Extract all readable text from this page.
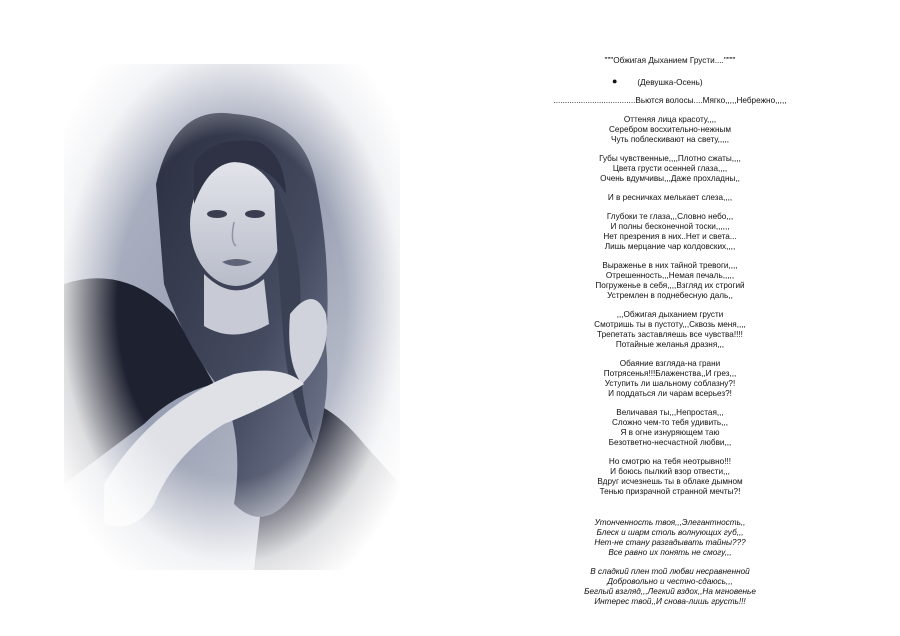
"""Обжигая Дыханием Грусти....""""
● (Девушка-Осень)
....................................Вьются волосы....Мягко,,,,,Небрежно,,,,,
Оттеняя лица красоту,,,,
Серебром восхительно-нежным
Чуть поблескивают на свету,,,,,
Губы чувственные,,,,Плотно сжаты,,,,
Цвета грусти осенней глаза,,,,
Очень вдумчивы,,,Даже прохладны,,
И в ресничках мелькает слеза,,,,
Глубоки те глаза,,,Словно небо,,,
И полны бесконечной тоски,,,,,,
Нет презрения в них..Нет и света...
Лишь мерцание чар колдовских,,,,
Выраженье в них тайной тревоги,,,,
Отрешенность,,,Немая печаль,,,,,
Погруженье в себя,,,,Взгляд их строгий
Устремлен в поднебесную даль,,
,,,Обжигая дыханием грусти
Смотришь ты в пустоту,,,Сквозь меня,,,,
Трепетать заставляешь все чувства!!!!
Потайные желанья дразня,,,
Обаяние взгляда-на грани
Потрясенья!!!Блаженства,,И грез,,,
Уступить ли шальному соблазну?!
И поддаться ли чарам всерьез?!
Величавая ты,,,Непростая,,,
Сложно чем-то тебя удивить,,,
Я в огне изнуряющем таю
Безответно-несчастной любви,,,
Но смотрю на тебя неотрывно!!!
И боюсь пылкий взор отвести,,,
Вдруг исчезнешь ты в облаке дымном
Тенью призрачной странной мечты?!
Утонченность твоя,,,Элегантность,,
Блеск и шарм столь волнующих губ,,,
Нет-не стану разгадывать тайны???
Все равно их понять не смогу,,,
В сладкий плен той любви несравненной
Добровольно и честно-сдаюсь,,,
Беглый взгляд,,,Легкий вздох,,На мгновенье
Интерес твой,,И снова-лишь грусть!!!
